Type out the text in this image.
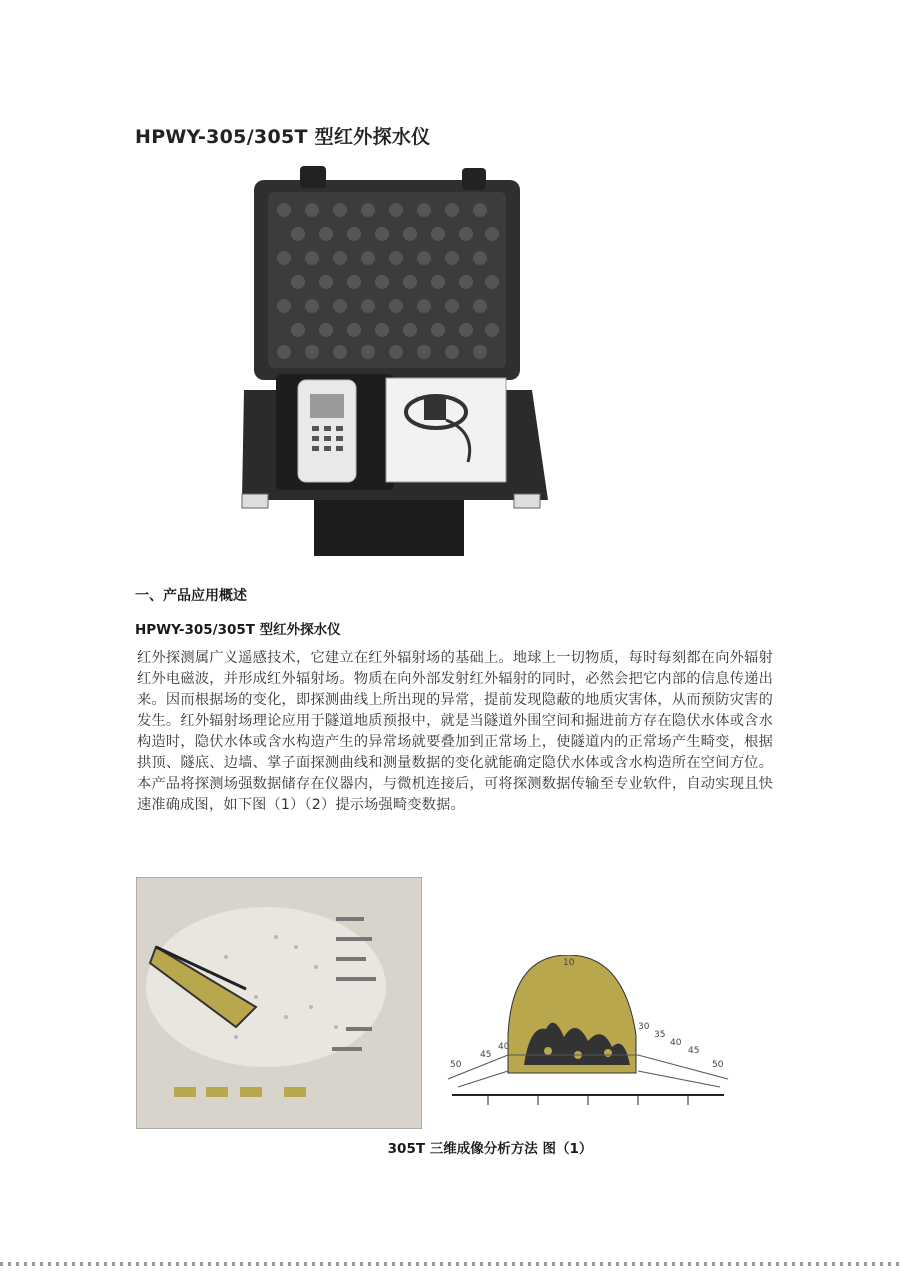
HPWY-305/305T 型红外探水仪
一、产品应用概述
HPWY-305/305T 型红外探水仪
红外探测属广义遥感技术，它建立在红外辐射场的基础上。地球上一切物质，每时每刻都在向外辐射红外电磁波，并形成红外辐射场。物质在向外部发射红外辐射的同时，必然会把它内部的信息传递出来。因而根据场的变化，即探测曲线上所出现的异常，提前发现隐蔽的地质灾害体，从而预防灾害的发生。红外辐射场理论应用于隧道地质预报中，就是当隧道外围空间和掘进前方存在隐伏水体或含水构造时，隐伏水体或含水构造产生的异常场就要叠加到正常场上，使隧道内的正常场产生畸变，根据拱顶、隧底、边墙、掌子面探测曲线和测量数据的变化就能确定隐伏水体或含水构造所在空间方位。本产品将探测场强数据储存在仪器内，与微机连接后，可将探测数据传输至专业软件，自动实现且快速准确成图，如下图（1）（2）提示场强畸变数据。
50
45
40
10
30
35
40
45
50
305T 三维成像分析方法 图（1）
